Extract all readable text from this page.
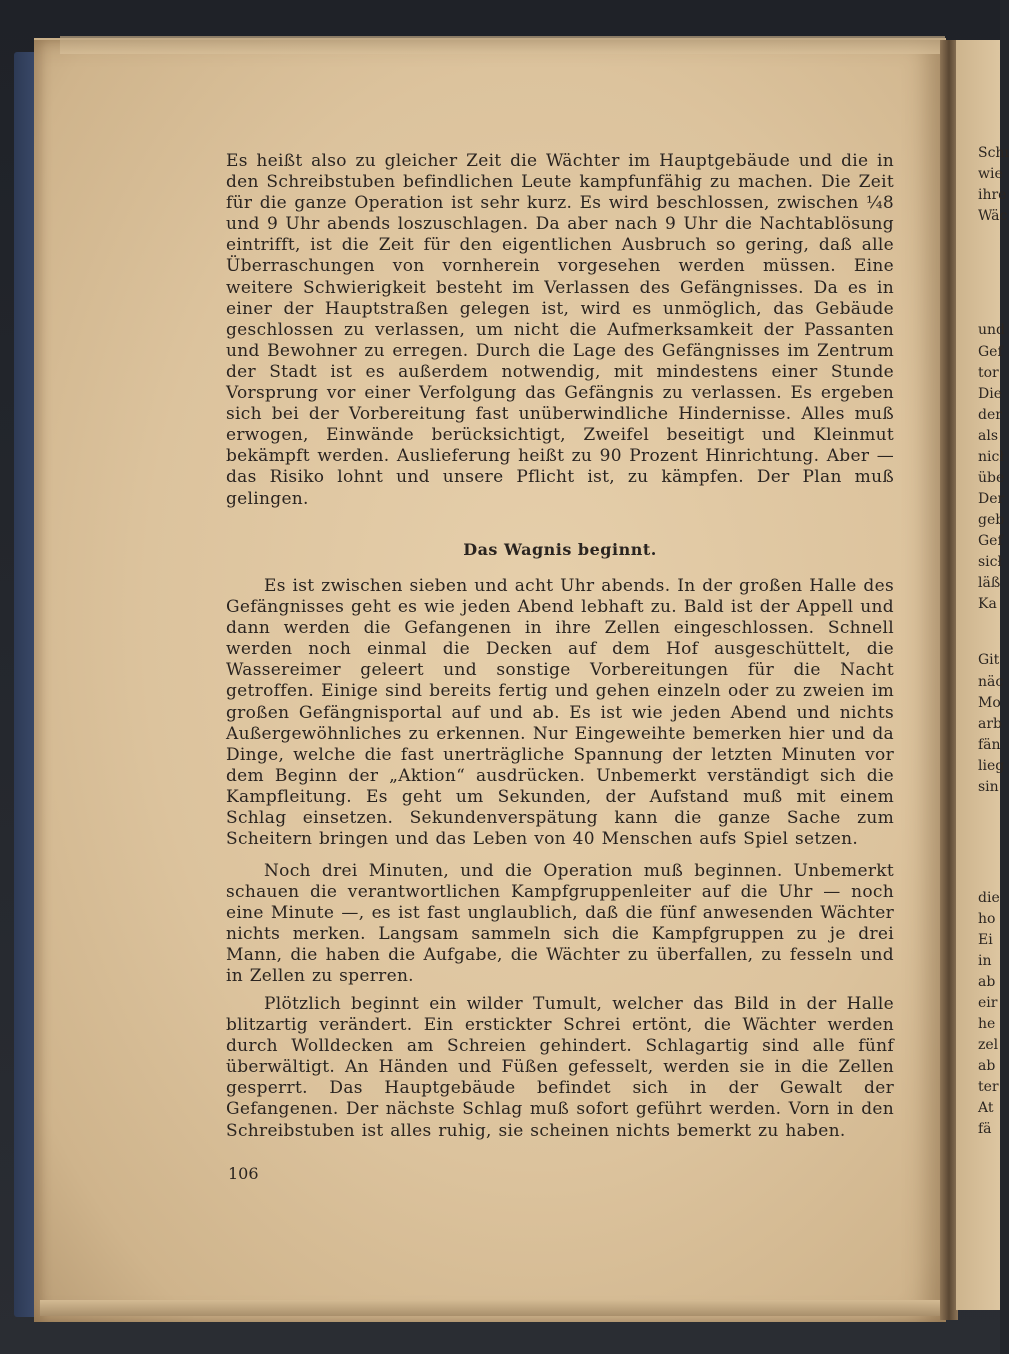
Schı
wie
ihre
Wäc
und
Gef
tor
Die
der
als
nicł
übe
Der
geb
Gef
sicł
läß
Ka
Git
näc
Mo
arb
fän
lieg
sin
die
ho
Ei
in
ab
eir
he
zel
ab
ter
At
fä

Es heißt also zu gleicher Zeit die Wächter im Hauptgebäude und die in den Schreibstuben befindlichen Leute kampfunfähig zu machen. Die Zeit für die ganze Operation ist sehr kurz. Es wird beschlossen, zwischen ¼8 und 9 Uhr abends loszuschlagen. Da aber nach 9 Uhr die Nachtablösung eintrifft, ist die Zeit für den eigentlichen Ausbruch so gering, daß alle Überraschungen von vornherein vorgesehen werden müssen. Eine weitere Schwierigkeit besteht im Verlassen des Gefängnisses. Da es in einer der Hauptstraßen gelegen ist, wird es unmöglich, das Gebäude geschlossen zu verlassen, um nicht die Aufmerksamkeit der Passanten und Bewohner zu erregen. Durch die Lage des Gefängnisses im Zentrum der Stadt ist es außerdem notwendig, mit mindestens einer Stunde Vorsprung vor einer Verfolgung das Gefängnis zu verlassen. Es ergeben sich bei der Vorbereitung fast unüberwindliche Hindernisse. Alles muß erwogen, Einwände berücksichtigt, Zweifel beseitigt und Kleinmut bekämpft werden. Auslieferung heißt zu 90 Prozent Hinrichtung. Aber — das Risiko lohnt und unsere Pflicht ist, zu kämpfen. Der Plan muß gelingen.

Das Wagnis beginnt.

Es ist zwischen sieben und acht Uhr abends. In der großen Halle des Gefängnisses geht es wie jeden Abend lebhaft zu. Bald ist der Appell und dann werden die Gefangenen in ihre Zellen eingeschlossen. Schnell werden noch einmal die Decken auf dem Hof ausgeschüttelt, die Wassereimer geleert und sonstige Vorbereitungen für die Nacht getroffen. Einige sind bereits fertig und gehen einzeln oder zu zweien im großen Gefängnisportal auf und ab. Es ist wie jeden Abend und nichts Außergewöhnliches zu erkennen. Nur Eingeweihte bemerken hier und da Dinge, welche die fast unerträgliche Spannung der letzten Minuten vor dem Beginn der „Aktion“ ausdrücken. Unbemerkt verständigt sich die Kampfleitung. Es geht um Sekunden, der Aufstand muß mit einem Schlag einsetzen. Sekundenverspätung kann die ganze Sache zum Scheitern bringen und das Leben von 40 Menschen aufs Spiel setzen.

Noch drei Minuten, und die Operation muß beginnen. Unbemerkt schauen die verantwortlichen Kampfgruppenleiter auf die Uhr — noch eine Minute —, es ist fast unglaublich, daß die fünf anwesenden Wächter nichts merken. Langsam sammeln sich die Kampfgruppen zu je drei Mann, die haben die Aufgabe, die Wächter zu überfallen, zu fesseln und in Zellen zu sperren.

Plötzlich beginnt ein wilder Tumult, welcher das Bild in der Halle blitzartig verändert. Ein erstickter Schrei ertönt, die Wächter werden durch Wolldecken am Schreien gehindert. Schlagartig sind alle fünf überwältigt. An Händen und Füßen gefesselt, werden sie in die Zellen gesperrt. Das Hauptgebäude befindet sich in der Gewalt der Gefangenen. Der nächste Schlag muß sofort geführt werden. Vorn in den Schreibstuben ist alles ruhig, sie scheinen nichts bemerkt zu haben.

106
